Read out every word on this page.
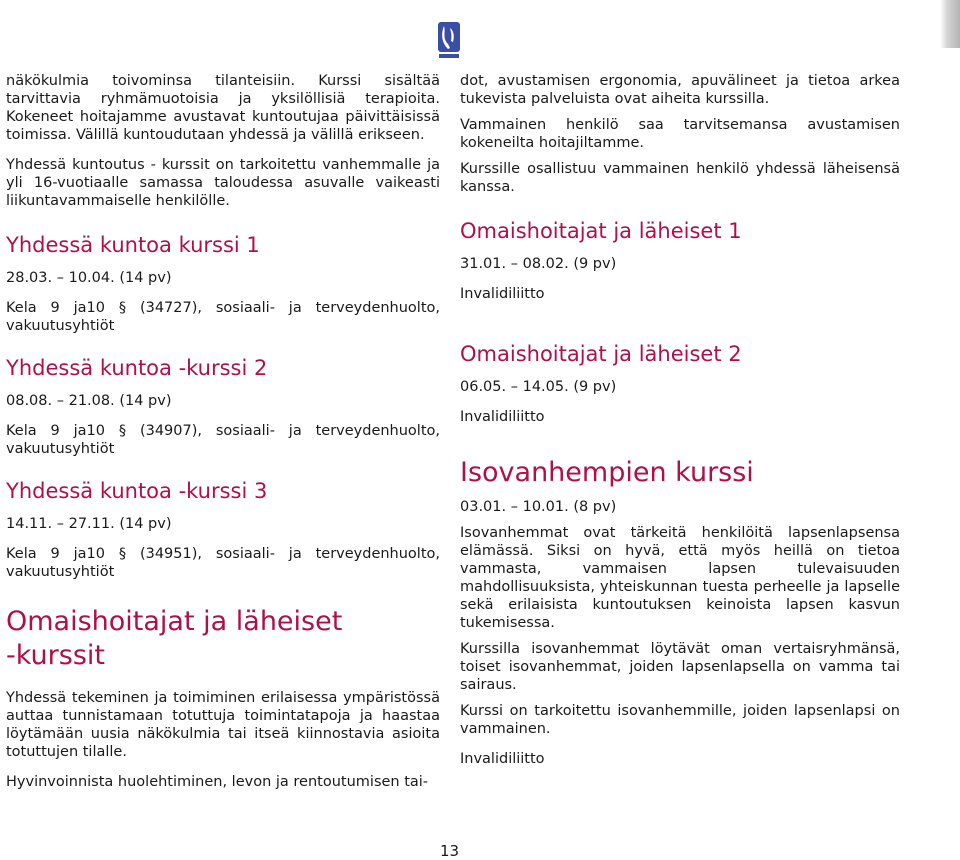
näkökulmia toivominsa tilanteisiin. Kurssi sisältää tarvittavia ryhmämuotoisia ja yksilöllisiä terapioita. Kokeneet hoitajamme avustavat kuntoutujaa päivittäisissä toimissa. Välillä kuntoudutaan yhdessä ja välillä erikseen.

Yhdessä kuntoutus - kurssit on tarkoitettu vanhemmalle ja yli 16-vuotiaalle samassa taloudessa asuvalle vaikeasti liikuntavammaiselle henkilölle.

Yhdessä kuntoa kurssi 1

28.03. – 10.04. (14 pv)

Kela 9 ja10 § (34727), sosiaali- ja terveydenhuolto, vakuutusyhtiöt

Yhdessä kuntoa -kurssi 2

08.08. – 21.08. (14 pv)

Kela 9 ja10 § (34907), sosiaali- ja terveydenhuolto, vakuutusyhtiöt

Yhdessä kuntoa -kurssi 3

14.11. – 27.11. (14 pv)

Kela 9 ja10 § (34951), sosiaali- ja terveydenhuolto, vakuutusyhtiöt

Omaishoitajat ja läheiset
-kurssit

Yhdessä tekeminen ja toimiminen erilaisessa ympäristössä auttaa tunnistamaan totuttuja toimintatapoja ja haastaa löytämään uusia näkökulmia tai itseä kiinnostavia asioita totuttujen tilalle.

Hyvinvoinnista huolehtiminen, levon ja rentoutumisen tai-

dot, avustamisen ergonomia, apuvälineet ja tietoa arkea tukevista palveluista ovat aiheita kurssilla.

Vammainen henkilö saa tarvitsemansa avustamisen kokeneilta hoitajiltamme.

Kurssille osallistuu vammainen henkilö yhdessä läheisensä kanssa.

Omaishoitajat ja läheiset 1

31.01. – 08.02. (9 pv)

Invalidiliitto

Omaishoitajat ja läheiset 2

06.05. – 14.05. (9 pv)

Invalidiliitto

Isovanhempien kurssi

03.01. – 10.01. (8 pv)

Isovanhemmat ovat tärkeitä henkilöitä lapsenlapsensa elämässä. Siksi on hyvä, että myös heillä on tietoa vammasta, vammaisen lapsen tulevaisuuden mahdollisuuksista, yhteiskunnan tuesta perheelle ja lapselle sekä erilaisista kuntoutuksen keinoista lapsen kasvun tukemisessa.

Kurssilla isovanhemmat löytävät oman vertaisryhmänsä, toiset isovanhemmat, joiden lapsenlapsella on vamma tai sairaus.

Kurssi on tarkoitettu isovanhemmille, joiden lapsenlapsi on vammainen.

Invalidiliitto

13
